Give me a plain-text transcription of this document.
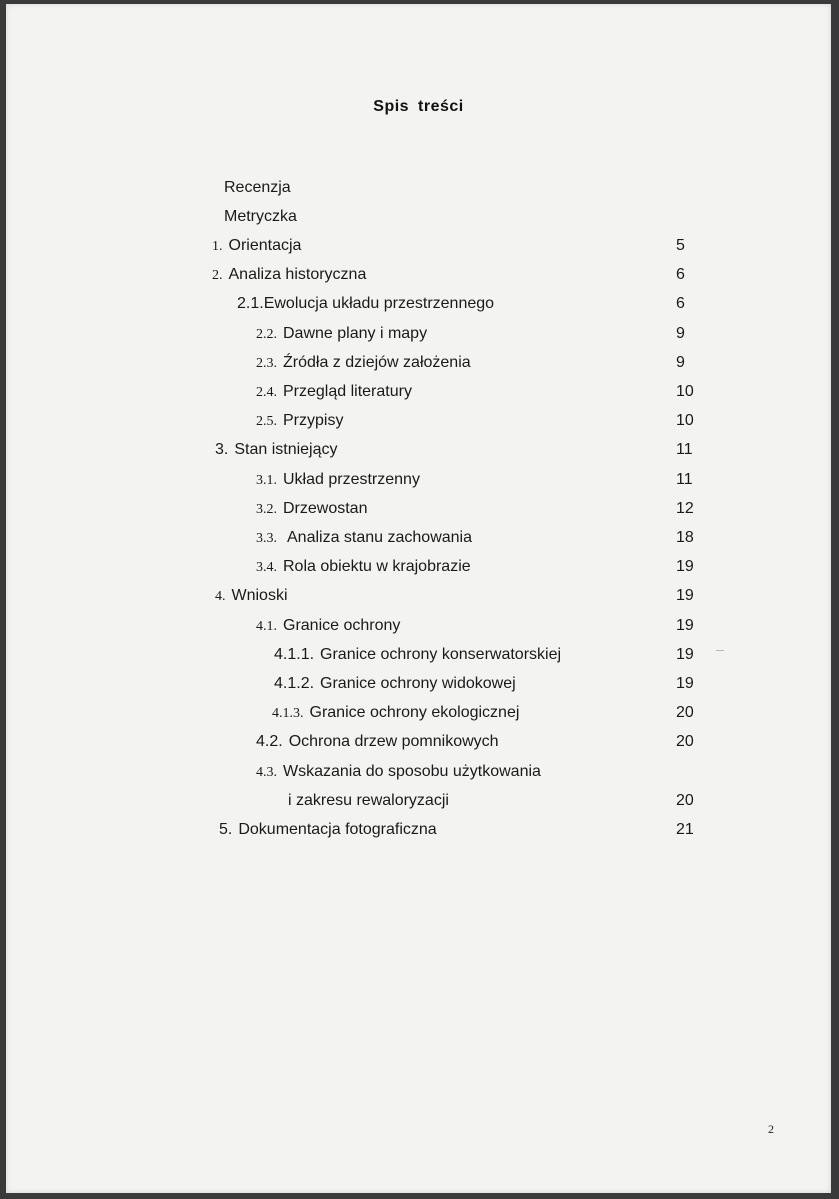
Spis treści
Recenzja
Metryczka
1. Orientacja	5
2. Analiza historyczna	6
2.1.Ewolucja układu przestrzennego	6
2.2. Dawne plany i mapy	9
2.3. Źródła z dziejów założenia	9
2.4. Przegląd literatury	10
2.5. Przypisy	10
3. Stan istniejący	11
3.1. Układ przestrzenny	11
3.2. Drzewostan	12
3.3. Analiza stanu zachowania	18
3.4. Rola obiektu w krajobrazie	19
4. Wnioski	19
4.1. Granice ochrony	19
4.1.1. Granice ochrony konserwatorskiej	19
4.1.2. Granice ochrony widokowej	19
4.1.3. Granice ochrony ekologicznej	20
4.2. Ochrona drzew pomnikowych	20
4.3. Wskazania do sposobu użytkowania
i zakresu rewaloryzacji	20
5. Dokumentacja fotograficzna	21
2
